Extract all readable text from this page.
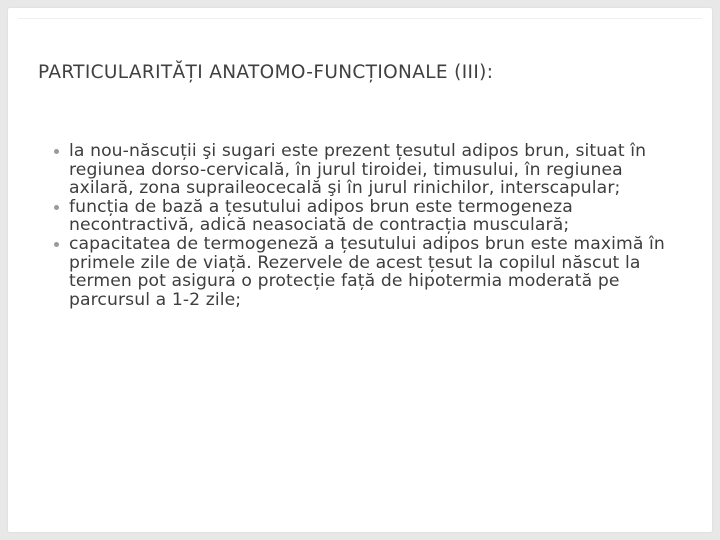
PARTICULARITĂȚI ANATOMO-FUNCȚIONALE (III):
la nou-născuții şi sugari este prezent țesutul adipos brun, situat în regiunea dorso-cervicală, în jurul tiroidei, timusului, în regiunea axilară, zona supraileocecală şi în jurul rinichilor, interscapular;
funcția de bază a țesutului adipos brun este termogeneza necontractivă, adică neasociată de contracția musculară;
capacitatea de termogeneză a țesutului adipos brun este maximă în primele zile de viață. Rezervele de acest țesut la copilul născut la termen pot asigura o protecție față de hipotermia moderată pe parcursul a 1-2 zile;
